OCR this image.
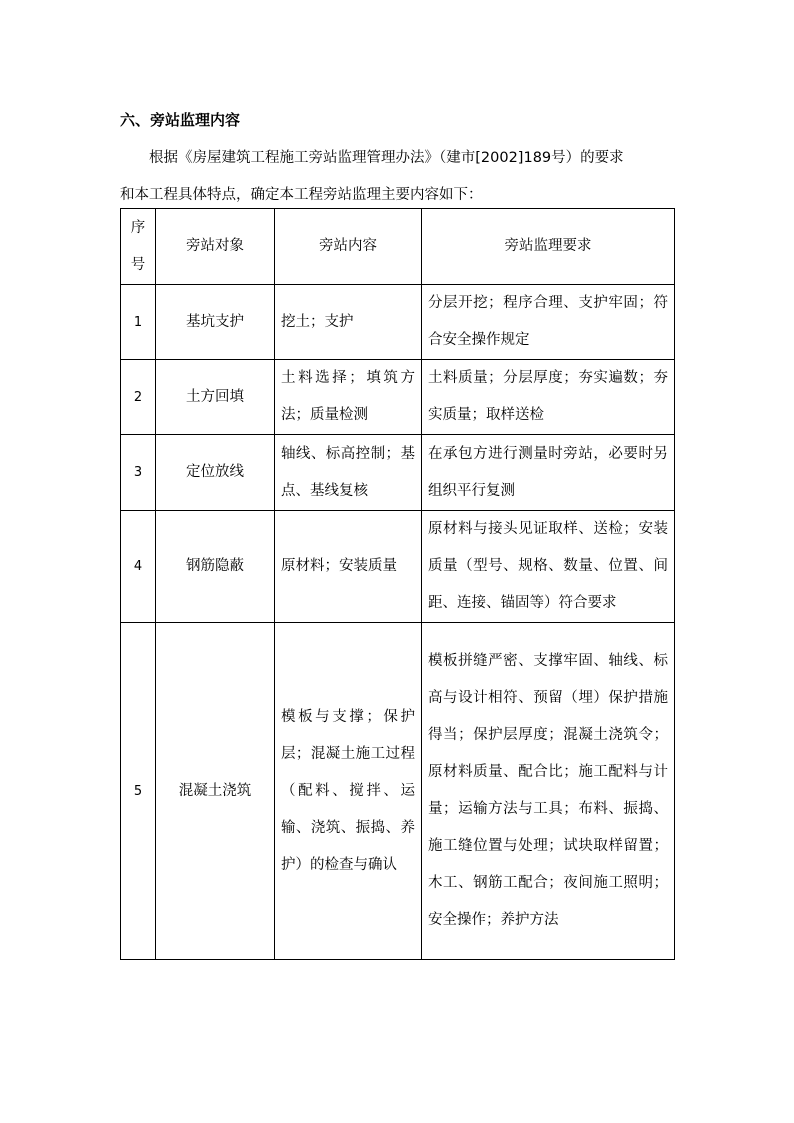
六、旁站监理内容
根据《房屋建筑工程施工旁站监理管理办法》（建市[2002]189号）的要求
和本工程具体特点，确定本工程旁站监理主要内容如下：
序号	旁站对象	旁站内容	旁站监理要求
1	基坑支护	挖土；支护	分层开挖；程序合理、支护牢固；符合安全操作规定
2	土方回填	土料选择；填筑方法；质量检测	土料质量；分层厚度；夯实遍数；夯实质量；取样送检
3	定位放线	轴线、标高控制；基点、基线复核	在承包方进行测量时旁站，必要时另组织平行复测
4	钢筋隐蔽	原材料；安装质量	原材料与接头见证取样、送检；安装质量（型号、规格、数量、位置、间距、连接、锚固等）符合要求
5	混凝土浇筑	模板与支撑；保护层；混凝土施工过程（配料、搅拌、运输、浇筑、振捣、养护）的检查与确认	模板拼缝严密、支撑牢固、轴线、标高与设计相符、预留（埋）保护措施得当；保护层厚度；混凝土浇筑令；原材料质量、配合比；施工配料与计量；运输方法与工具；布料、振捣、施工缝位置与处理；试块取样留置；木工、钢筋工配合；夜间施工照明；安全操作；养护方法
